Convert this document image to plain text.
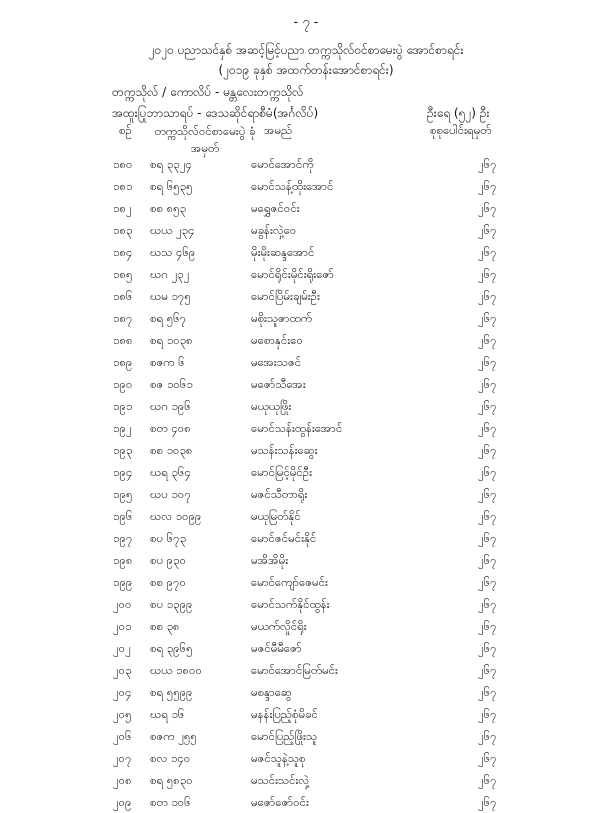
- ၇ -
၂၀၂၀ ပညာသင်နှစ် အဆင့်မြင့်ပညာ တက္ကသိုလ်ဝင်စာမေးပွဲ အောင်စာရင်း
(၂၀၁၉ ခုနှစ် အထက်တန်းအောင်စာရင်း)
တက္ကသိုလ် / ကောလိပ် - မန္တလေးတက္ကသိုလ်
အထူးပြုဘာသာရပ် - ဒေသဆိုင်ရာစီမံ(အင်္ဂလိပ်)	ဦးရေ (၅၂) ဦး
စဉ်	တက္ကသိုလ်ဝင်စာမေးပွဲ ခုံအမှတ်
အမည်	စုစုပေါင်းရမှတ်
၁၈၀ စရ ၃၃၂၄	မောင်အောင်ကို	၂၆၇
၁၈၁ စရ ၆၅၃၅	မောင်သန့်ထိုးအောင်	၂၆၇
၁၈၂ စစ ၈၅၃	မရွှေဇင်ဝင်း	၂၆၇
၁၈၃ ဃယ ၂၃၄	မခွန်းလှဲ့ဝေ	၂၆၇
၁၈၄ ဃသ ၄၆၉	မိုးမိုးဆန္ဒအောင်	၂၆၇
၁၈၅ ဃဂ ၂၃၂	မောင်ရိုင်းမိုင်းရိုးဇော်	၂၆၇
၁၈၆ ဃမ ၁၇၅	မောင်ပြိမ်းချမ်းဦး	၂၆၇
၁၈၇ စရ ၅၆၇	မစိုးသူဇာထက်	၂၆၇
၁၈၈ စရ ၁၀၃၈	မစောနှင်းဝေ	၂၆၇
၁၈၉ စဇက ၆	မအေးသဇင်	၂၆၇
၁၉၀ စဇ ၁၀၆၁	မဇော်သီအေး	၂၆၇
၁၉၁ ဃဂ ၁၉၆	မယုယုဖြိုး	၂၆၇
၁၉၂ စတ ၄၀၈	မောင်သန်းထွန်းအောင်	၂၆၇
၁၉၃ စစ ၁၀၃၈	မသန်းသန်းဆွေး	၂၆၇
၁၉၄ ဃရ ၃၆၄	မောင်မြင့်မိုင်ဦး	၂၆၇
၁၉၅ ဃပ ၁၀၇	မဇင်သီတာရိုး	၂၆၇
၁၉၆ ဃလ ၁၀၉၉	မယုမြတ်နိုင်	၂၆၇
၁၉၇ စပ ၆၇၃	မောင်ဇင်မင်းနိုင်	၂၆၇
၁၉၈ စပ ၉၃၀	မအိအိမိုး	၂၆၇
၁၉၉ စစ ၉၇၀	မောင်ကျော်ဇေမင်း	၂၆၇
၂၀၀ စပ ၁၃၉၉	မောင်သက်နိုင်ထွန်း	၂၆၇
၂၀၁ စစ ၃၈	မယက်လှိုင်ရိုး	၂၆၇
၂၀၂ စရ ၃၉၆၅	မဇင်မီမီဇော်	၂၆၇
၂၀၃ ဃယ ၁၈၀၀	မောင်အောင်မြတ်မင်း	၂၆၇
၂၀၄ စရ ၅၅၉၉	မစန္ဒာဆွေ	၂၆၇
၂၀၅ ဃရ ၁၆	မနန်းပြည့်စုံမိခင်	၂၆၇
၂၀၆ စဇက ၂၅၅	မောင်ပြည့်ဖြိုးသူ	၂၆၇
၂၀၇ စလ ၁၄၀	မဇင်သူနဲ့သူစု	၂၆၇
၂၀၈ စရ ၅၈၃၀	မသင်းသင်းလှဲ့	၂၆၇
၂၀၉ စတ ၁၀၆	မဇော်ဇော်ဝင်း	၂၆၇
